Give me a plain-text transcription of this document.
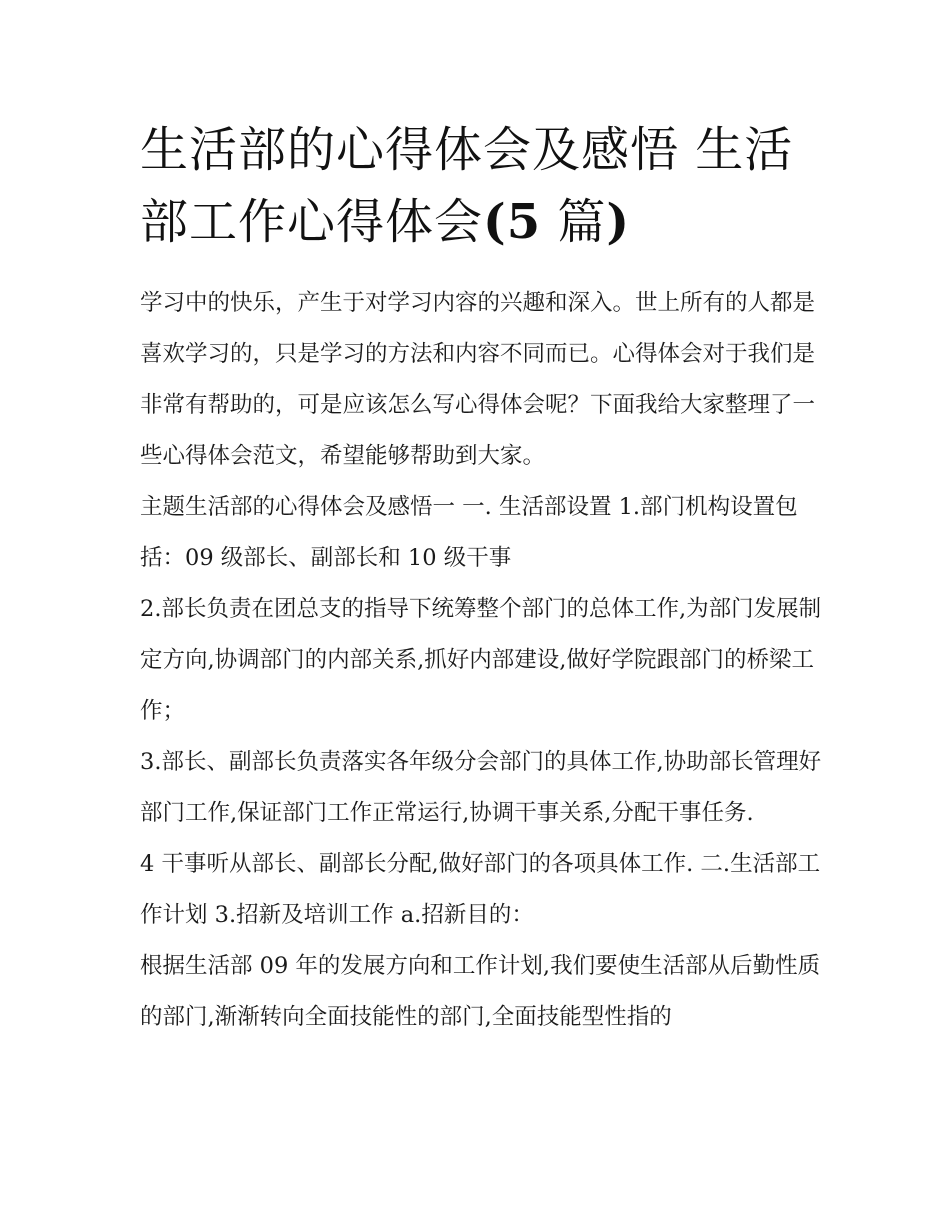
生活部的心得体会及感悟 生活
部工作心得体会(5 篇)

学习中的快乐，产生于对学习内容的兴趣和深入。世上所有的人都是喜欢学习的，只是学习的方法和内容不同而已。心得体会对于我们是非常有帮助的，可是应该怎么写心得体会呢？下面我给大家整理了一些心得体会范文，希望能够帮助到大家。

主题生活部的心得体会及感悟一 一. 生活部设置 1.部门机构设置包括：09 级部长、副部长和 10 级干事

2.部长负责在团总支的指导下统筹整个部门的总体工作,为部门发展制定方向,协调部门的内部关系,抓好内部建设,做好学院跟部门的桥梁工作；

3.部长、副部长负责落实各年级分会部门的具体工作,协助部长管理好部门工作,保证部门工作正常运行,协调干事关系,分配干事任务.

4 干事听从部长、副部长分配,做好部门的各项具体工作. 二.生活部工作计划 3.招新及培训工作 a.招新目的：

根据生活部 09 年的发展方向和工作计划,我们要使生活部从后勤性质的部门,渐渐转向全面技能性的部门,全面技能型性指的
